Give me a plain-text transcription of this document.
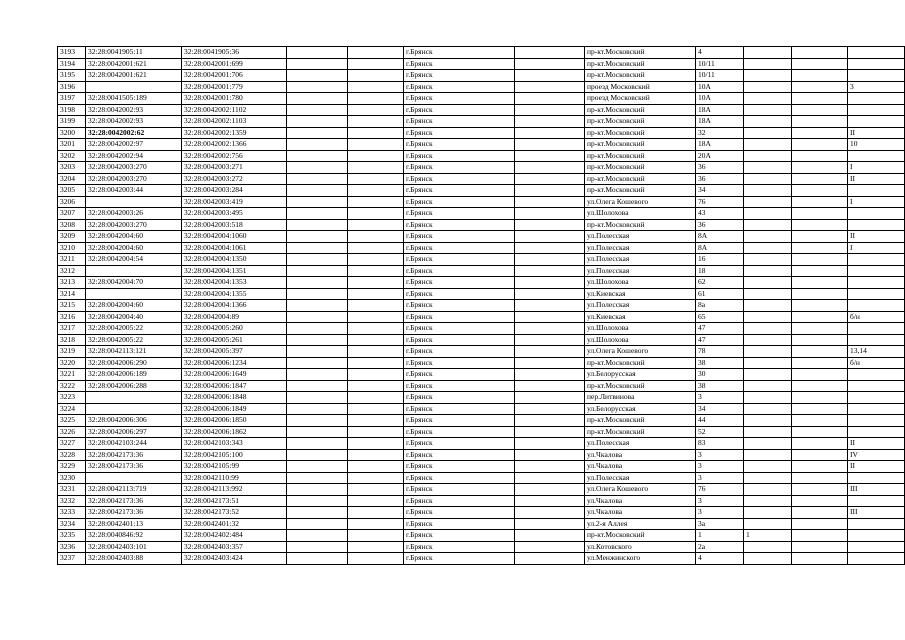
3193	32:28:0041905:11	32:28:0041905:36			г.Брянск		пр-кт.Московский	4			
3194	32:28:0042001:621	32:28:0042001:699			г.Брянск		пр-кт.Московский	10/11			
3195	32:28:0042001:621	32:28:0042001:706			г.Брянск		пр-кт.Московский	10/11			
3196		32:28:0042001:779			г.Брянск		проезд Московский	10А			3
3197	32:28:0041505:189	32:28:0042001:780			г.Брянск		проезд Московский	10А			
3198	32:28:0042002:93	32:28:0042002:1102			г.Брянск		пр-кт.Московский	18А			
3199	32:28:0042002:93	32:28:0042002:1103			г.Брянск		пр-кт.Московский	18А			
3200	32:28:0042002:62	32:28:0042002:1359			г.Брянск		пр-кт.Московский	32			II
3201	32:28:0042002:97	32:28:0042002:1366			г.Брянск		пр-кт.Московский	18А			10
3202	32:28:0042002:94	32:28:0042002:756			г.Брянск		пр-кт.Московский	20А			
3203	32:28:0042003:270	32:28:0042003:271			г.Брянск		пр-кт.Московский	36			I
3204	32:28:0042003:270	32:28:0042003:272			г.Брянск		пр-кт.Московский	36			II
3205	32:28:0042003:44	32:28:0042003:284			г.Брянск		пр-кт.Московский	34			
3206		32:28:0042003:419			г.Брянск		ул.Олега Кошевого	76			I
3207	32:28:0042003:26	32:28:0042003:495			г.Брянск		ул.Шолохова	43			
3208	32:28:0042003:270	32:28:0042003:518			г.Брянск		пр-кт.Московский	36			
3209	32:28:0042004:60	32:28:0042004:1060			г.Брянск		ул.Полесская	8А			II
3210	32:28:0042004:60	32:28:0042004:1061			г.Брянск		ул.Полесская	8А			I
3211	32:28:0042004:54	32:28:0042004:1350			г.Брянск		ул.Полесская	16			
3212		32:28:0042004:1351			г.Брянск		ул.Полесская	18			
3213	32:28:0042004:70	32:28:0042004:1353			г.Брянск		ул.Шолохова	62			
3214		32:28:0042004:1355			г.Брянск		ул.Киевская	61			
3215	32:28:0042004:60	32:28:0042004:1366			г.Брянск		ул.Полесская	8а			
3216	32:28:0042004:40	32:28:0042004:89			г.Брянск		ул.Киевская	65			б/н
3217	32:28:0042005:22	32:28:0042005:260			г.Брянск		ул.Шолохова	47			
3218	32:28:0042005:22	32:28:0042005:261			г.Брянск		ул.Шолохова	47			
3219	32:28:0042113:121	32:28:0042005:397			г.Брянск		ул.Олега Кошевого	78			13,14
3220	32:28:0042006:290	32:28:0042006:1234			г.Брянск		пр-кт.Московский	38			б/н
3221	32:28:0042006:189	32:28:0042006:1649			г.Брянск		ул.Белорусская	30			
3222	32:28:0042006:288	32:28:0042006:1847			г.Брянск		пр-кт.Московский	38			
3223		32:28:0042006:1848			г.Брянск		пер.Литвинова	3			
3224		32:28:0042006:1849			г.Брянск		ул.Белорусская	34			
3225	32:28:0042006:306	32:28:0042006:1850			г.Брянск		пр-кт.Московский	44			
3226	32:28:0042006:297	32:28:0042006:1862			г.Брянск		пр-кт.Московский	52			
3227	32:28:0042103:244	32:28:0042103:343			г.Брянск		ул.Полесская	83			II
3228	32:28:0042173:36	32:28:0042105:100			г.Брянск		ул.Чкалова	3			IV
3229	32:28:0042173:36	32:28:0042105:99			г.Брянск		ул.Чкалова	3			II
3230		32:28:0042110:99			г.Брянск		ул.Полесская	3			
3231	32:28:0042113:719	32:28:0042113:992			г.Брянск		ул.Олега Кошевого	76			III
3232	32:28:0042173:36	32:28:0042173:51			г.Брянск		ул.Чкалова	3			
3233	32:28:0042173:36	32:28:0042173:52			г.Брянск		ул.Чкалова	3			III
3234	32:28:0042401:13	32:28:0042401:32			г.Брянск		ул.2-я Аллея	3а			
3235	32:28:0040846:92	32:28:0042402:484			г.Брянск		пр-кт.Московский	1	1		
3236	32:28:0042403:101	32:28:0042403:357			г.Брянск		ул.Котовского	2а			
3237	32:28:0042403:88	32:28:0042403:424			г.Брянск		ул.Менжинского	4			
